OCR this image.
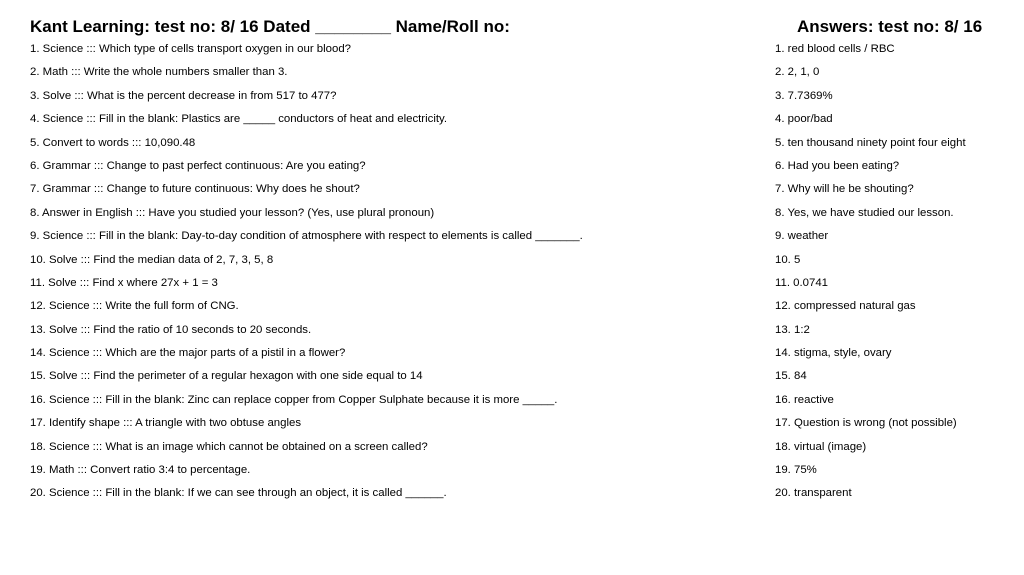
Kant Learning: test no: 8/ 16 Dated ________ Name/Roll no:	Answers: test no: 8/ 16
1. Science ::: Which type of cells transport oxygen in our blood?
2. Math ::: Write the whole numbers smaller than 3.
3. Solve ::: What is the percent decrease in from 517 to 477?
4. Science ::: Fill in the blank: Plastics are _____ conductors of heat and electricity.
5. Convert to words ::: 10,090.48
6. Grammar ::: Change to past perfect continuous: Are you eating?
7. Grammar ::: Change to future continuous: Why does he shout?
8. Answer in English ::: Have you studied your lesson? (Yes, use plural pronoun)
9. Science ::: Fill in the blank: Day-to-day condition of atmosphere with respect to elements is called _______.
10. Solve ::: Find the median data of 2, 7, 3, 5, 8
11. Solve ::: Find x where 27x + 1 = 3
12. Science ::: Write the full form of CNG.
13. Solve ::: Find the ratio of 10 seconds to 20 seconds.
14. Science ::: Which are the major parts of a pistil in a flower?
15. Solve ::: Find the perimeter of a regular hexagon with one side equal to 14
16. Science ::: Fill in the blank: Zinc can replace copper from Copper Sulphate because it is more _____.
17. Identify shape ::: A triangle with two obtuse angles
18. Science ::: What is an image which cannot be obtained on a screen called?
19. Math ::: Convert ratio 3:4 to percentage.
20. Science ::: Fill in the blank: If we can see through an object, it is called ______.
1. red blood cells / RBC
2. 2, 1, 0
3. 7.7369%
4. poor/bad
5. ten thousand ninety point four eight
6. Had you been eating?
7. Why will he be shouting?
8. Yes, we have studied our lesson.
9. weather
10. 5
11. 0.0741
12. compressed natural gas
13. 1:2
14. stigma, style, ovary
15. 84
16. reactive
17. Question is wrong (not possible)
18. virtual (image)
19. 75%
20. transparent
